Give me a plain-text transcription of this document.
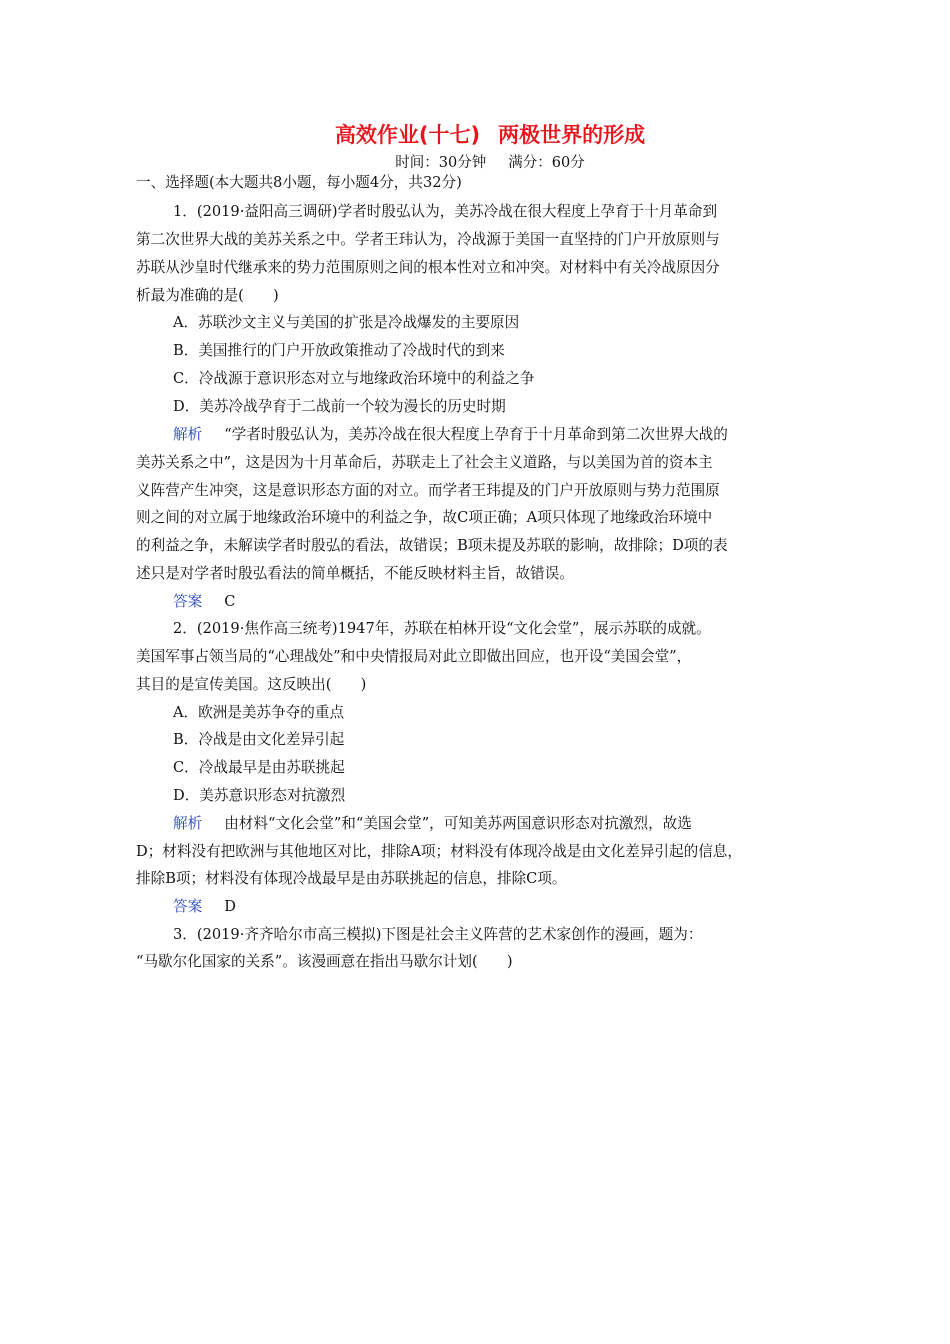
高效作业(十七) 两极世界的形成
时间：30分钟 满分：60分
一、选择题(本大题共8小题，每小题4分，共32分)
1．(2019·益阳高三调研)学者时殷弘认为，美苏冷战在很大程度上孕育于十月革命到
第二次世界大战的美苏关系之中。学者王玮认为，冷战源于美国一直坚持的门户开放原则与
苏联从沙皇时代继承来的势力范围原则之间的根本性对立和冲突。对材料中有关冷战原因分
析最为准确的是(　　)
A．苏联沙文主义与美国的扩张是冷战爆发的主要原因
B．美国推行的门户开放政策推动了冷战时代的到来
C．冷战源于意识形态对立与地缘政治环境中的利益之争
D．美苏冷战孕育于二战前一个较为漫长的历史时期
解析 “学者时殷弘认为，美苏冷战在很大程度上孕育于十月革命到第二次世界大战的
美苏关系之中”，这是因为十月革命后，苏联走上了社会主义道路，与以美国为首的资本主
义阵营产生冲突，这是意识形态方面的对立。而学者王玮提及的门户开放原则与势力范围原
则之间的对立属于地缘政治环境中的利益之争，故C项正确；A项只体现了地缘政治环境中
的利益之争，未解读学者时殷弘的看法，故错误；B项未提及苏联的影响，故排除；D项的表
述只是对学者时殷弘看法的简单概括，不能反映材料主旨，故错误。
答案 C
2．(2019·焦作高三统考)1947年，苏联在柏林开设“文化会堂”，展示苏联的成就。
美国军事占领当局的“心理战处”和中央情报局对此立即做出回应，也开设“美国会堂”，
其目的是宣传美国。这反映出(　　)
A．欧洲是美苏争夺的重点
B．冷战是由文化差异引起
C．冷战最早是由苏联挑起
D．美苏意识形态对抗激烈
解析 由材料“文化会堂”和“美国会堂”，可知美苏两国意识形态对抗激烈，故选
D；材料没有把欧洲与其他地区对比，排除A项；材料没有体现冷战是由文化差异引起的信息，
排除B项；材料没有体现冷战最早是由苏联挑起的信息，排除C项。
答案 D
3．(2019·齐齐哈尔市高三模拟)下图是社会主义阵营的艺术家创作的漫画，题为：
“马歇尔化国家的关系”。该漫画意在指出马歇尔计划(　　)
